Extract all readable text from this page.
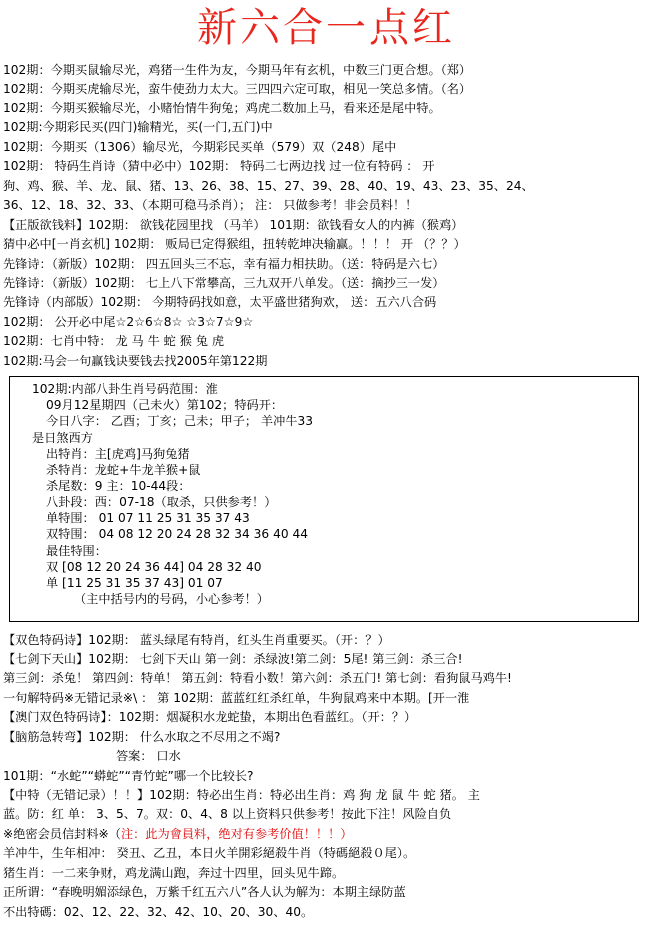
新六合一点红
102期：今期买鼠输尽光，鸡猪一生件为友，今期马年有玄机，中数三门更合想。（郑）
102期：今期买虎输尽光，蛮牛使劲力太大。三四四六定可取，相见一笑总多情。（名）
102期：今期买猴输尽光，小赌怡情牛狗兔；鸡虎二数加上马，看来还是尾中特。
102期:今期彩民买(四门)输精光，买(一门,五门)中
102期：今期买（1306）输尽光，今期彩民买单（579）双（248）尾中
102期： 特码生肖诗（猜中必中）102期： 特码二七两边找 过一位有特码 ： 开
狗、鸡、猴、羊、龙、鼠、猪、13、26、38、15、27、39、28、40、19、43、23、35、24、
36、12、18、32、33、（本期可稳马杀肖）； 注： 只做参考！非会员料！！
【正版欲钱料】102期： 欲钱花园里找 （马羊） 101期：欲钱看女人的内裤（猴鸡）
猜中必中[一肖玄机] 102期： 贩局已定得猴组，扭转乾坤决输赢。！！！ 开 （？？）
先锋诗：（新版）102期： 四五回头三不忘，幸有福力相扶助。（送：特码是六七）
先锋诗：（新版）102期： 七上八下常攀高，三九双开八单发。（送：摘抄三一发）
先锋诗（内部版）102期： 今期特码找如意，太平盛世猪狗欢， 送：五六八合码
102期： 公开必中尾☆2☆6☆8☆ ☆3☆7☆9☆
102期：七肖中特： 龙 马 牛 蛇 猴 兔 虎
102期:马会一句赢钱诀要钱去找2005年第122期
102期:内部八卦生肖号码范围：淮
09月12星期四（己未火）第102；特码开：
今日八字： 乙酉；丁亥；己未；甲子； 羊冲牛33
是日煞西方
出特肖：主[虎鸡]马狗兔猪
杀特肖：龙蛇+牛龙羊猴+鼠
杀尾数：9 主：10-44段：
八卦段：西：07-18（取杀，只供参考！）
单特围： 01 07 11 25 31 35 37 43
双特围： 04 08 12 20 24 28 32 34 36 40 44
最佳特围：
双 [08 12 20 24 36 44] 04 28 32 40
单 [11 25 31 35 37 43] 01 07
（主中括号内的号码，小心参考！）
【双色特码诗】102期： 蓝头绿尾有特肖，红头生肖重要买。（开：？）
【七剑下天山】102期： 七剑下天山 第一剑：杀绿波!第二剑：5尾! 第三剑：杀三合!
第三剑：杀兔！ 第四剑：特单！ 第五剑：特看小数！第六剑：杀五门! 第七剑：看狗鼠马鸡牛!
一句解特码※无错记录※\ ： 第 102期：蓝蓝红红杀红单，牛狗鼠鸡来中本期。[开一淮
【澳门双色特码诗】：102期：烟凝积水龙蛇蛰，本期出色看蓝红。（开：？）
【脑筋急转弯】102期： 什么水取之不尽用之不竭?
答案： 口水
101期：“水蛇”“蟒蛇”“青竹蛇”哪一个比较长?
【中特（无错记录）！！】102期：特必出生肖：特必出生肖：鸡 狗 龙 鼠 牛 蛇 猪。 主
蓝。防：红 单： 3、5、7。双：0、4、8 以上资料只供参考！按此下注！风险自负
※绝密会员信封料※（注：此为會員料，绝对有参考价值！！！）
羊冲牛，生年相冲： 癸丑、乙丑，本日火羊開彩絕殺牛肖（特碼絕殺０尾）。
猪生肖：一二来争财，鸡龙满山跑，奔过十四里，回头见牛蹄。
正所谓：“春晚明媚添绿色，万紫千红五六八”各人认为解为：本期主绿防蓝
不出特碼：02、12、22、32、42、10、20、30、40。
